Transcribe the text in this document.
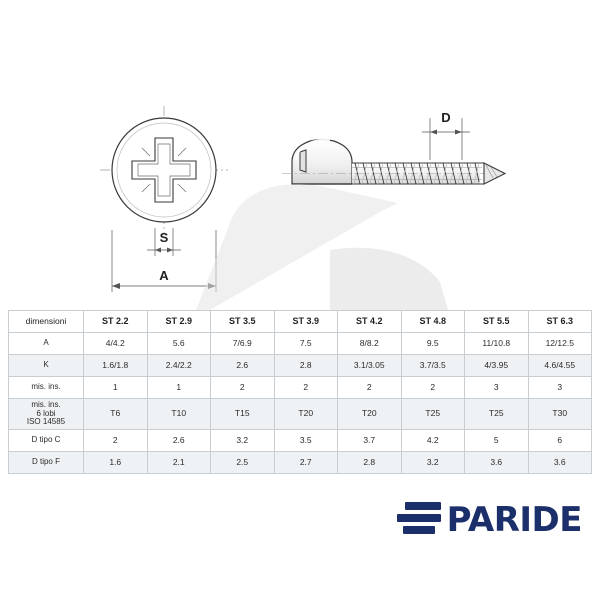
S
A
D
dimensioni	ST 2.2	ST 2.9	ST 3.5	ST 3.9	ST 4.2	ST 4.8	ST 5.5	ST 6.3
A	4/4.2	5.6	7/6.9	7.5	8/8.2	9.5	11/10.8	12/12.5
K	1.6/1.8	2.4/2.2	2.6	2.8	3.1/3.05	3.7/3.5	4/3.95	4.6/4.55
mis. ins.	1	1	2	2	2	2	3	3

mis. ins.
6 lobi
ISO 14585	T6	T10	T15	T20	T20	T25	T25	T30
D tipo C	2	2.6	3.2	3.5	3.7	4.2	5	6
D tipo F	1.6	2.1	2.5	2.7	2.8	3.2	3.6	3.6
PARIDE
